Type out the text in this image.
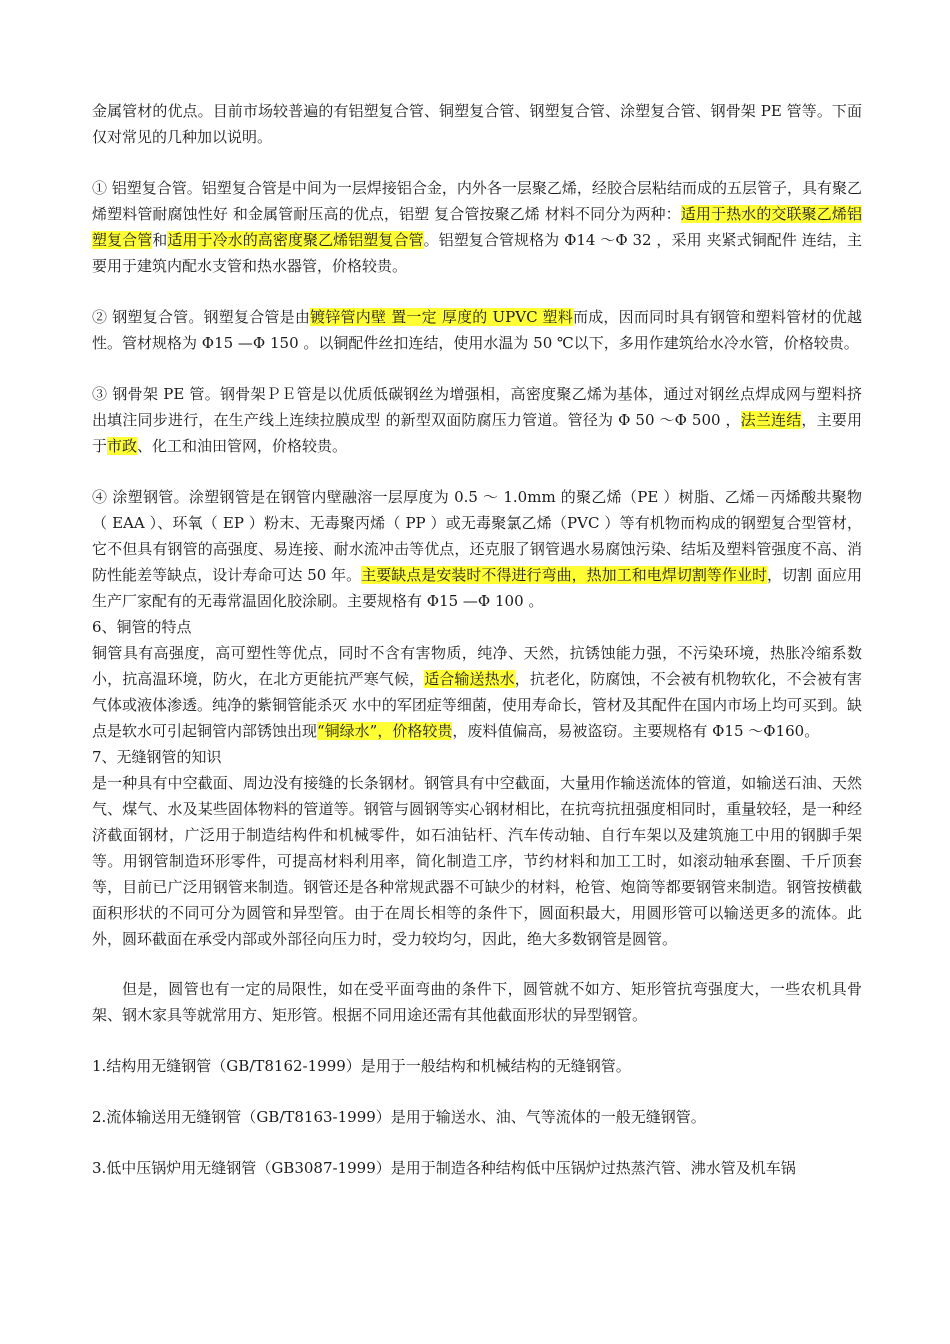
金属管材的优点。目前市场较普遍的有铝塑复合管、铜塑复合管、钢塑复合管、涂塑复合管、钢骨架 PE 管等。下面仅对常见的几种加以说明。

① 铝塑复合管。铝塑复合管是中间为一层焊接铝合金，内外各一层聚乙烯，经胶合层粘结而成的五层管子，具有聚乙烯塑料管耐腐蚀性好 和金属管耐压高的优点，铝塑 复合管按聚乙烯 材料不同分为两种：适用于热水的交联聚乙烯铝塑复合管和适用于冷水的高密度聚乙烯铝塑复合管。铝塑复合管规格为 Φ14 ～Φ 32 ，采用 夹紧式铜配件 连结，主要用于建筑内配水支管和热水器管，价格较贵。

② 钢塑复合管。钢塑复合管是由镀锌管内壁 置一定 厚度的 UPVC 塑料而成，因而同时具有钢管和塑料管材的优越性。管材规格为 Φ15 —Φ 150 。以铜配件丝扣连结，使用水温为 50 ℃以下，多用作建筑给水冷水管，价格较贵。

③ 钢骨架 PE 管。钢骨架ＰＥ管是以优质低碳钢丝为增强相，高密度聚乙烯为基体，通过对钢丝点焊成网与塑料挤出填注同步进行，在生产线上连续拉膜成型 的新型双面防腐压力管道。管径为 Φ 50 ～Φ 500 ，法兰连结，主要用于市政、化工和油田管网，价格较贵。

④ 涂塑钢管。涂塑钢管是在钢管内壁融溶一层厚度为 0.5 ～ 1.0mm 的聚乙烯（PE ）树脂、乙烯－丙烯酸共聚物（ EAA ）、环氧（ EP ）粉末、无毒聚丙烯（ PP ）或无毒聚氯乙烯（PVC ）等有机物而构成的钢塑复合型管材，它不但具有钢管的高强度、易连接、耐水流冲击等优点，还克服了钢管遇水易腐蚀污染、结垢及塑料管强度不高、消防性能差等缺点，设计寿命可达 50 年。主要缺点是安装时不得进行弯曲，热加工和电焊切割等作业时，切割 面应用 生产厂家配有的无毒常温固化胶涂刷。主要规格有 Φ15 —Φ 100 。

6、铜管的特点

铜管具有高强度，高可塑性等优点，同时不含有害物质，纯净、天然，抗锈蚀能力强，不污染环境，热胀冷缩系数小，抗高温环境，防火，在北方更能抗严寒气候，适合输送热水，抗老化，防腐蚀，不会被有机物软化，不会被有害气体或液体渗透。纯净的紫铜管能杀灭 水中的军团症等细菌，使用寿命长，管材及其配件在国内市场上均可买到。缺点是软水可引起铜管内部锈蚀出现“铜绿水”，价格较贵，废料值偏高，易被盗窃。主要规格有 Φ15 ～Φ160。

7、无缝钢管的知识

是一种具有中空截面、周边没有接缝的长条钢材。钢管具有中空截面，大量用作输送流体的管道，如输送石油、天然气、煤气、水及某些固体物料的管道等。钢管与圆钢等实心钢材相比，在抗弯抗扭强度相同时，重量较轻，是一种经济截面钢材，广泛用于制造结构件和机械零件，如石油钻杆、汽车传动轴、自行车架以及建筑施工中用的钢脚手架等。用钢管制造环形零件，可提高材料利用率，简化制造工序，节约材料和加工工时，如滚动轴承套圈、千斤顶套等，目前已广泛用钢管来制造。钢管还是各种常规武器不可缺少的材料，枪管、炮筒等都要钢管来制造。钢管按横截面积形状的不同可分为圆管和异型管。由于在周长相等的条件下，圆面积最大，用圆形管可以输送更多的流体。此外，圆环截面在承受内部或外部径向压力时，受力较均匀，因此，绝大多数钢管是圆管。

但是，圆管也有一定的局限性，如在受平面弯曲的条件下，圆管就不如方、矩形管抗弯强度大，一些农机具骨架、钢木家具等就常用方、矩形管。根据不同用途还需有其他截面形状的异型钢管。

1.结构用无缝钢管（GB/T8162-1999）是用于一般结构和机械结构的无缝钢管。

2.流体输送用无缝钢管（GB/T8163-1999）是用于输送水、油、气等流体的一般无缝钢管。

3.低中压锅炉用无缝钢管（GB3087-1999）是用于制造各种结构低中压锅炉过热蒸汽管、沸水管及机车锅
